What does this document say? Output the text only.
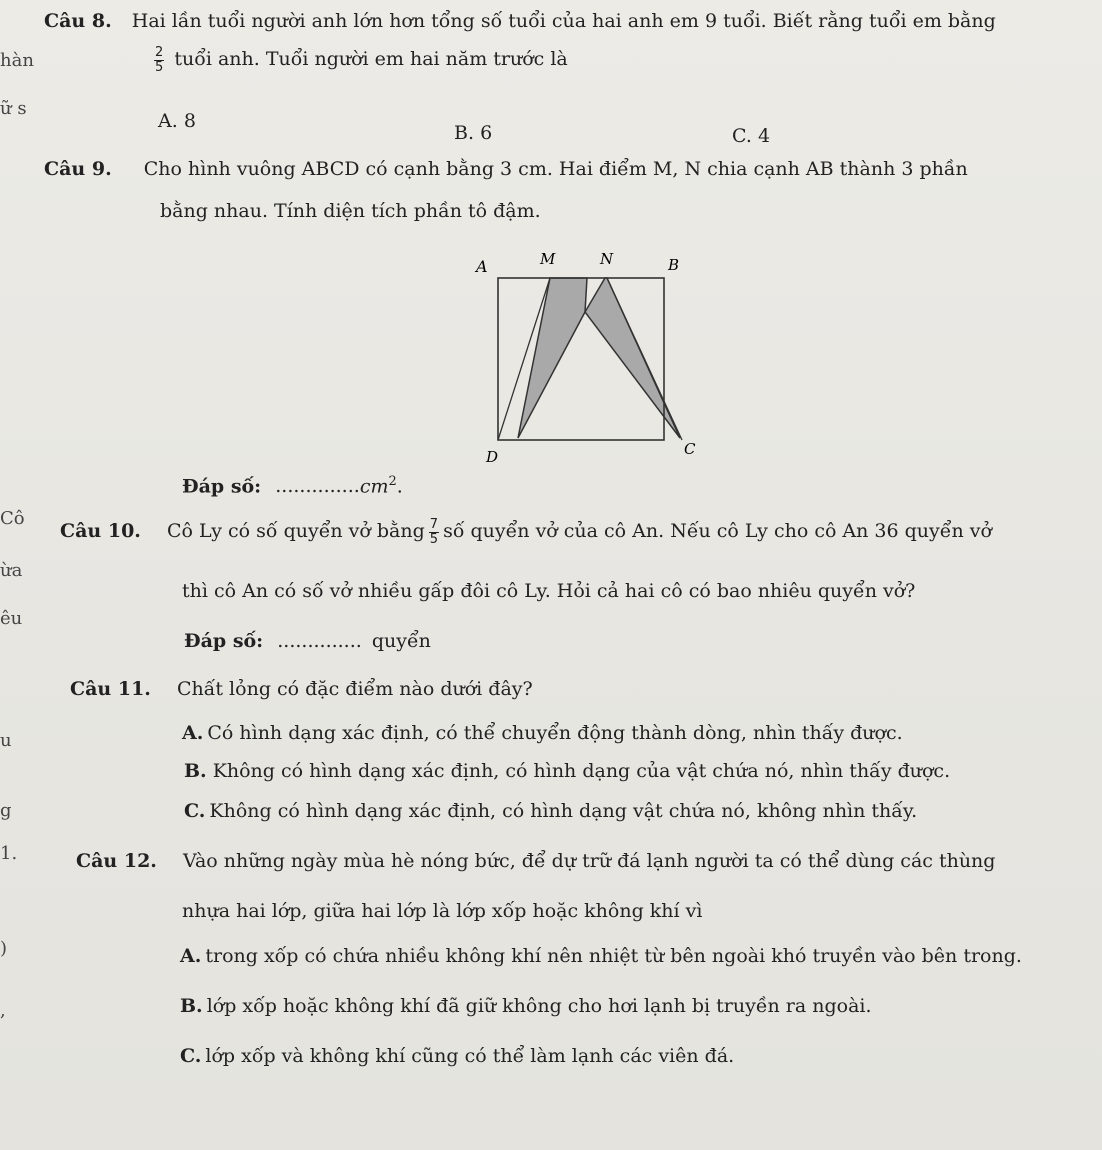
hàn
ữ s
Cô
ừa
êu
u
g
1.
)
,
Câu 8. Hai lần tuổi người anh lớn hơn tổng số tuổi của hai anh em 9 tuổi. Biết rằng tuổi em bằng
$\frac{2}{5}$ tuổi anh. Tuổi người em hai năm trước là
A. 8
B. 6	C. 4
Câu 9. Cho hình vuông ABCD có cạnh bằng 3 cm. Hai điểm M, N chia cạnh AB thành 3 phần
bằng nhau. Tính diện tích phần tô đậm.
A	M	N	B
D	C
Đáp số: $..............cm^2$.
Câu 10. Cô Ly có số quyển vở bằng $\frac{7}{5}$ số quyển vở của cô An. Nếu cô Ly cho cô An 36 quyển vở
thì cô An có số vở nhiều gấp đôi cô Ly. Hỏi cả hai cô có bao nhiêu quyển vở?
Đáp số: .............. quyển
Câu 11. Chất lỏng có đặc điểm nào dưới đây?
A. Có hình dạng xác định, có thể chuyển động thành dòng, nhìn thấy được.
B. Không có hình dạng xác định, có hình dạng của vật chứa nó, nhìn thấy được.
C. Không có hình dạng xác định, có hình dạng vật chứa nó, không nhìn thấy.
Câu 12. Vào những ngày mùa hè nóng bức, để dự trữ đá lạnh người ta có thể dùng các thùng
nhựa hai lớp, giữa hai lớp là lớp xốp hoặc không khí vì
A. trong xốp có chứa nhiều không khí nên nhiệt từ bên ngoài khó truyền vào bên trong.
B. lớp xốp hoặc không khí đã giữ không cho hơi lạnh bị truyền ra ngoài.
C. lớp xốp và không khí cũng có thể làm lạnh các viên đá.
